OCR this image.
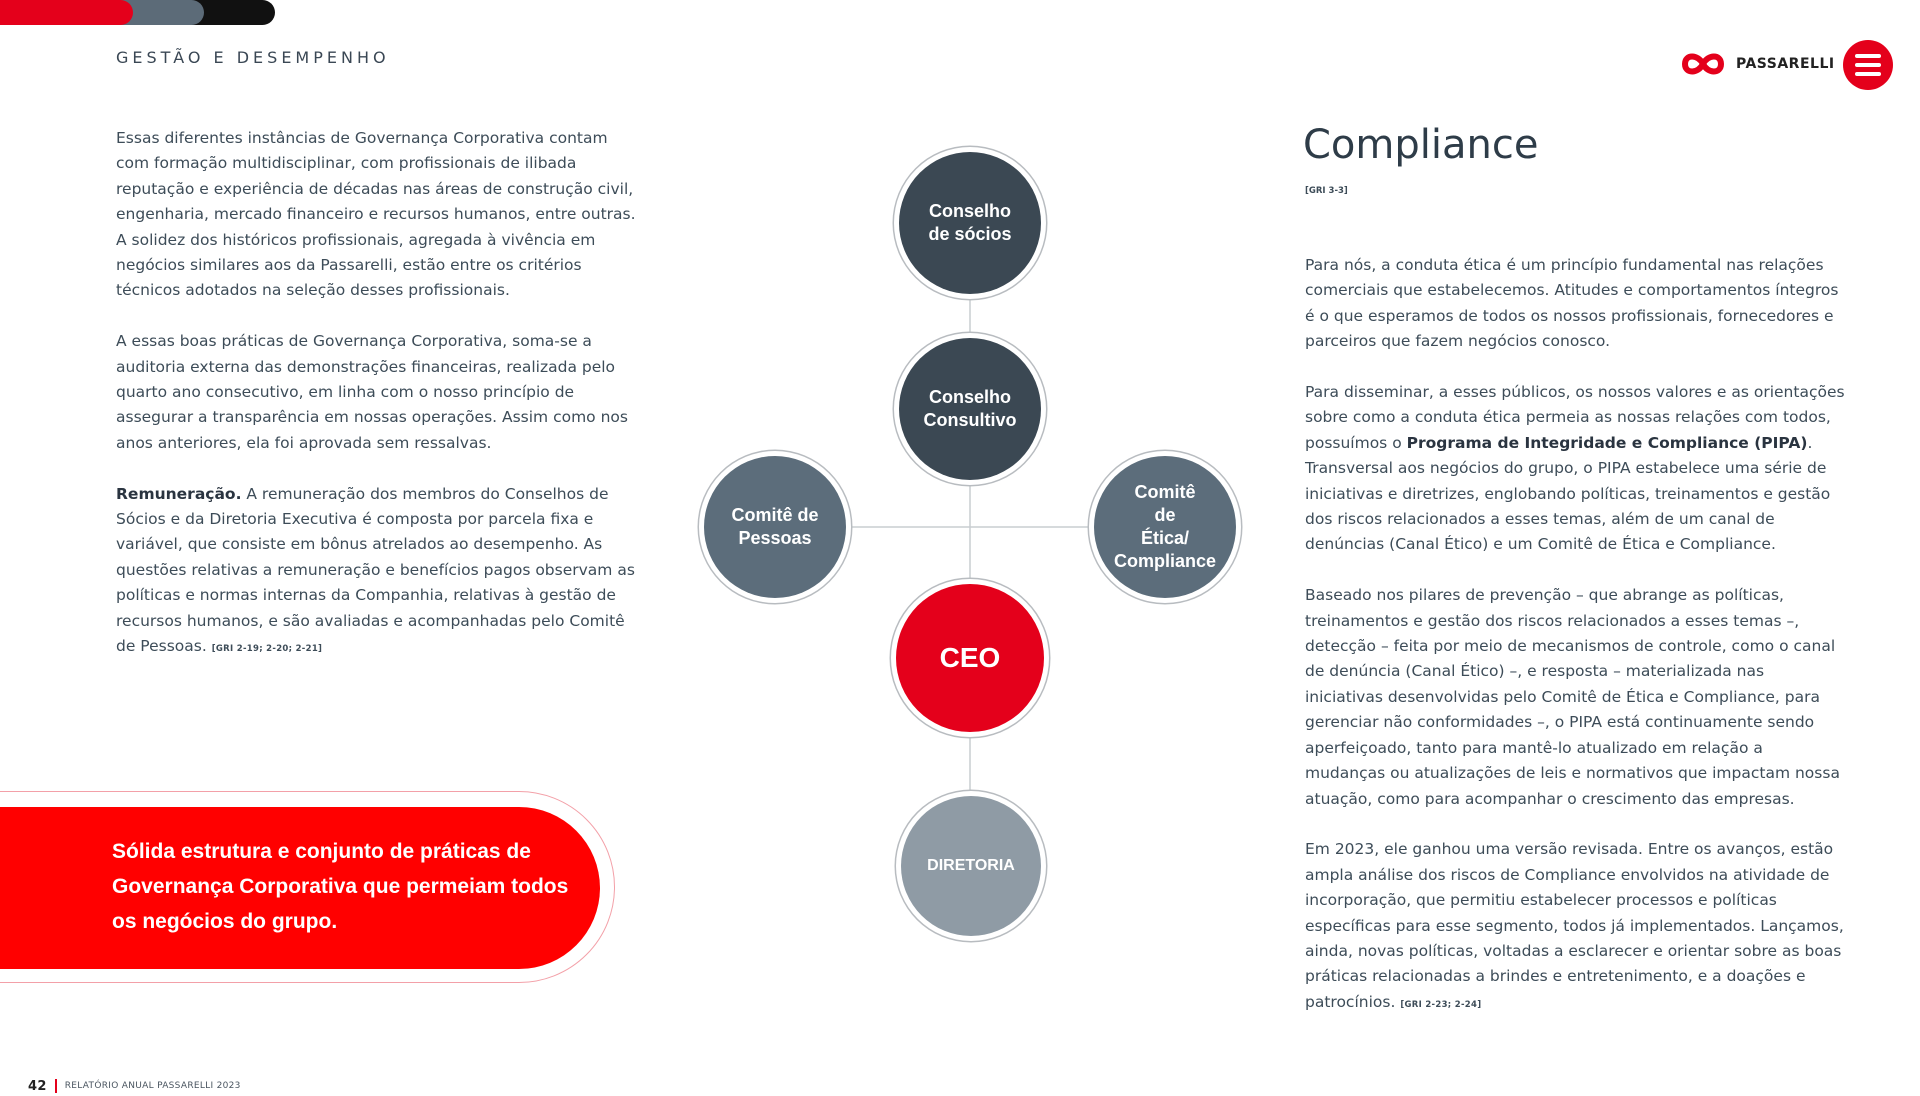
GESTÃO E DESEMPENHO	PASSARELLI

Essas diferentes instâncias de Governança Corporativa contam com formação multidisciplinar, com profissionais de ilibada reputação e experiência de décadas nas áreas de construção civil, engenharia, mercado financeiro e recursos humanos, entre outras. A solidez dos históricos profissionais, agregada à vivência em negócios similares aos da Passarelli, estão entre os critérios técnicos adotados na seleção desses profissionais.

A essas boas práticas de Governança Corporativa, soma-se a auditoria externa das demonstrações financeiras, realizada pelo quarto ano consecutivo, em linha com o nosso princípio de assegurar a transparência em nossas operações. Assim como nos anos anteriores, ela foi aprovada sem ressalvas.

Remuneração. A remuneração dos membros do Conselhos de Sócios e da Diretoria Executiva é composta por parcela fixa e variável, que consiste em bônus atrelados ao desempenho. As questões relativas a remuneração e benefícios pagos observam as políticas e normas internas da Companhia, relativas à gestão de recursos humanos, e são avaliadas e acompanhadas pelo Comitê de Pessoas. [GRI 2-19; 2-20; 2-21]

Conselho
de sócios
Conselho
Consultivo
Comitê de
Pessoas
Comitê
de
Ética/
Compliance
CEO
DIRETORIA
Sólida estrutura e conjunto de práticas de Governança Corporativa que permeiam todos os negócios do grupo.
Compliance
[GRI 3-3]

Para nós, a conduta ética é um princípio fundamental nas relações comerciais que estabelecemos. Atitudes e comportamentos íntegros é o que esperamos de todos os nossos profissionais, fornecedores e parceiros que fazem negócios conosco.

Para disseminar, a esses públicos, os nossos valores e as orientações sobre como a conduta ética permeia as nossas relações com todos, possuímos o Programa de Integridade e Compliance (PIPA). Transversal aos negócios do grupo, o PIPA estabelece uma série de iniciativas e diretrizes, englobando políticas, treinamentos e gestão dos riscos relacionados a esses temas, além de um canal de denúncias (Canal Ético) e um Comitê de Ética e Compliance.

Baseado nos pilares de prevenção – que abrange as políticas, treinamentos e gestão dos riscos relacionados a esses temas –, detecção – feita por meio de mecanismos de controle, como o canal de denúncia (Canal Ético) –, e resposta – materializada nas iniciativas desenvolvidas pelo Comitê de Ética e Compliance, para gerenciar não conformidades –, o PIPA está continuamente sendo aperfeiçoado, tanto para mantê-lo atualizado em relação a mudanças ou atualizações de leis e normativos que impactam nossa atuação, como para acompanhar o crescimento das empresas.

Em 2023, ele ganhou uma versão revisada. Entre os avanços, estão ampla análise dos riscos de Compliance envolvidos na atividade de incorporação, que permitiu estabelecer processos e políticas específicas para esse segmento, todos já implementados. Lançamos, ainda, novas políticas, voltadas a esclarecer e orientar sobre as boas práticas relacionadas a brindes e entretenimento, e a doações e patrocínios. [GRI 2-23; 2-24]

42 RELATÓRIO ANUAL PASSARELLI 2023
